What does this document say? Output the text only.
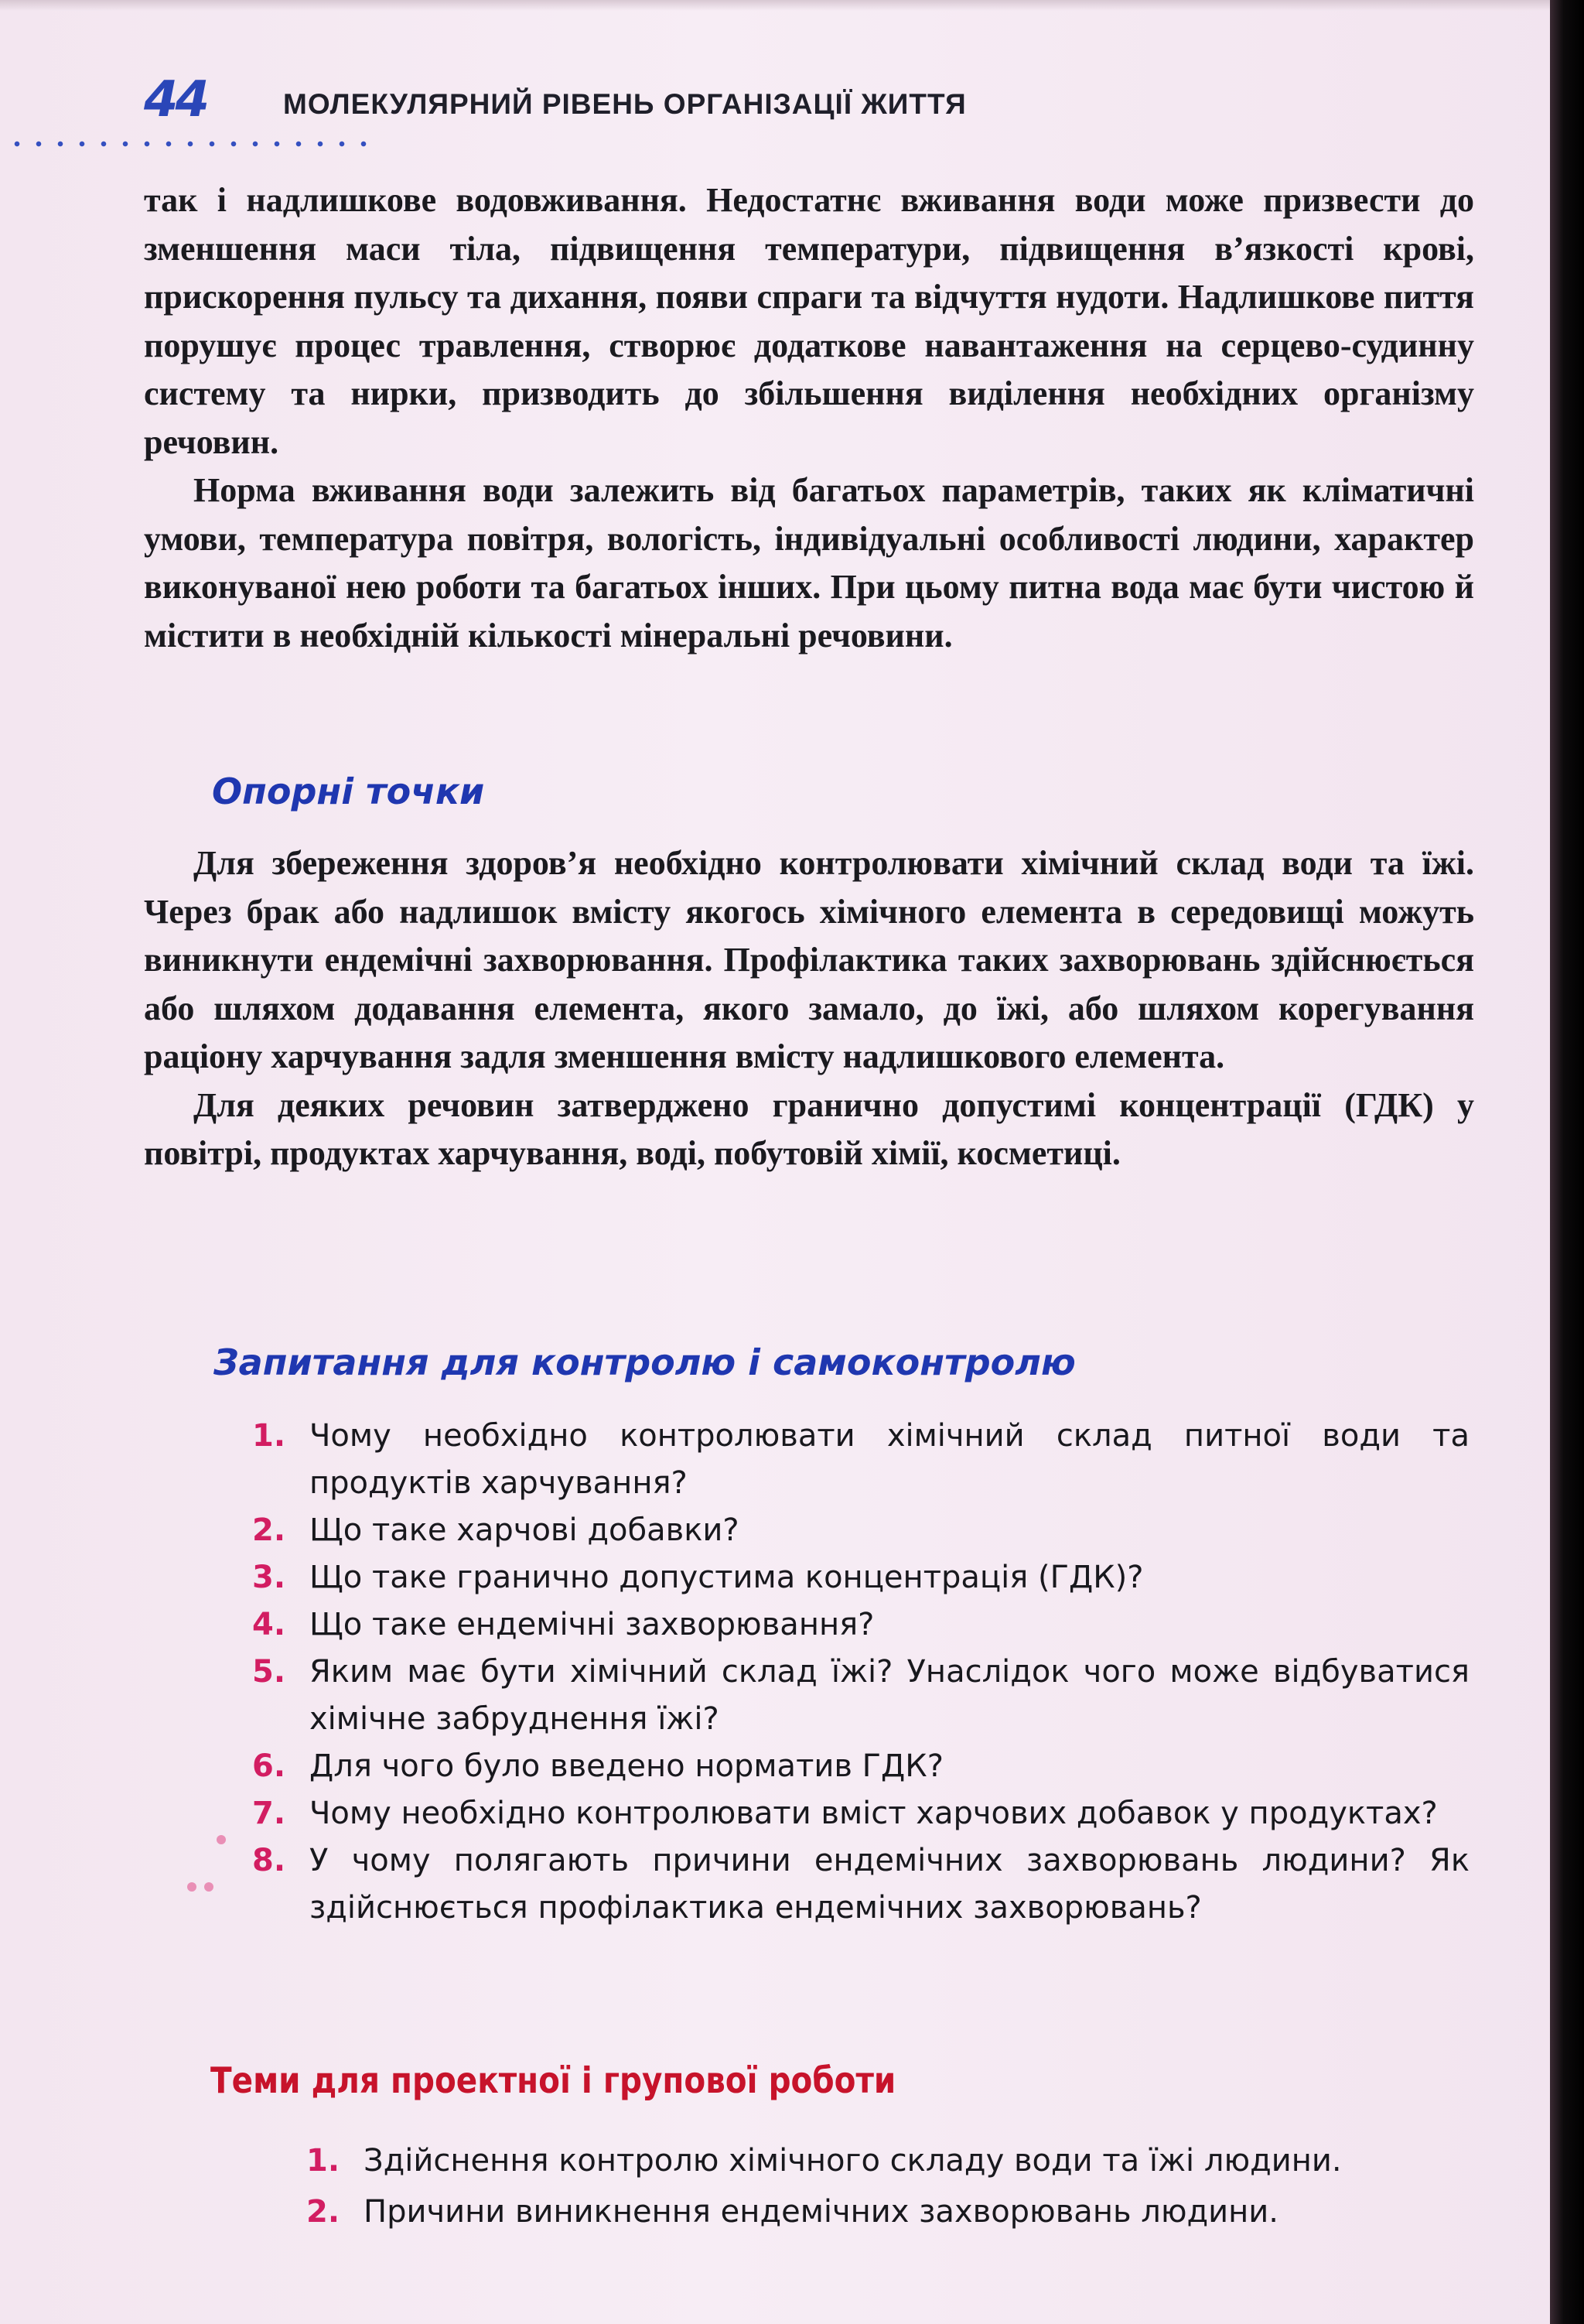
44	МОЛЕКУЛЯРНИЙ РІВЕНЬ ОРГАНІЗАЦІЇ ЖИТТЯ

так і надлишкове водовживання. Недостатнє вживання води може призвести до зменшення маси тіла, підвищення температури, підвищення в’язкості крові, прискорення пульсу та дихання, появи спраги та відчуття нудоти. Надлишкове пиття порушує процес травлення, створює додаткове навантаження на серцево-судинну систему та нирки, призводить до збільшення виділення необхідних організму речовин.

Норма вживання води залежить від багатьох параметрів, таких як кліматичні умови, температура повітря, вологість, індивідуальні особливості людини, характер виконуваної нею роботи та багатьох інших. При цьому питна вода має бути чистою й містити в необхідній кількості мінеральні речовини.

Опорні точки

Для збереження здоров’я необхідно контролювати хімічний склад води та їжі. Через брак або надлишок вмісту якогось хімічного елемента в середовищі можуть виникнути ендемічні захворювання. Профілактика таких захворювань здійснюється або шляхом додавання елемента, якого замало, до їжі, або шляхом корегування раціону харчування задля зменшення вмісту надлишкового елемента.

Для деяких речовин затверджено гранично допустимі концентрації (ГДК) у повітрі, продуктах харчування, воді, побутовій хімії, косметиці.

Запитання для контролю і самоконтролю
1. Чому необхідно контролювати хімічний склад питної води та продуктів харчування?
2. Що таке харчові добавки?
3. Що таке гранично допустима концентрація (ГДК)?
4. Що таке ендемічні захворювання?
5. Яким має бути хімічний склад їжі? Унаслідок чого може відбуватися хімічне забруднення їжі?
6. Для чого було введено норматив ГДК?
7. Чому необхідно контролювати вміст харчових добавок у продуктах?
8. У чому полягають причини ендемічних захворювань людини? Як здійснюється профілактика ендемічних захворювань?
Теми для проектної і групової роботи
1. Здійснення контролю хімічного складу води та їжі людини.
2. Причини виникнення ендемічних захворювань людини.
